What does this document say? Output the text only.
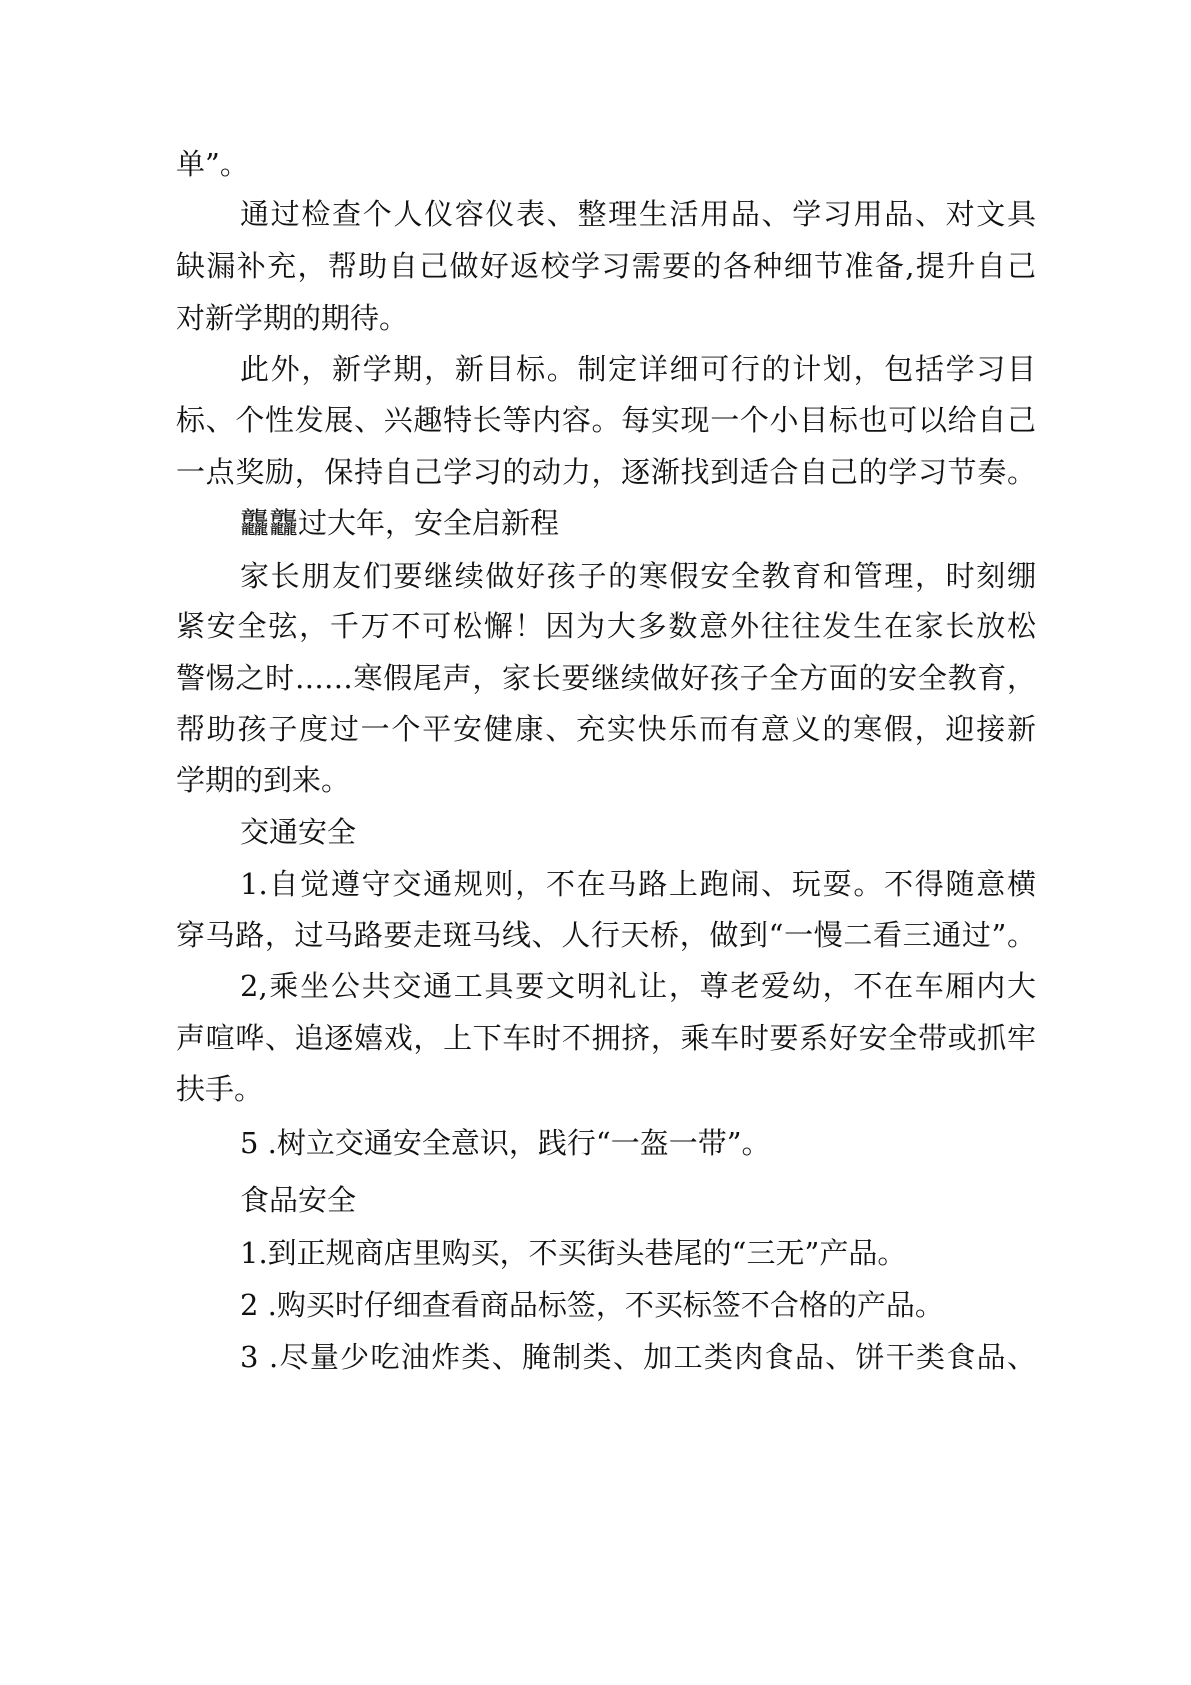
单”。
通过检查个人仪容仪表、整理生活用品、学习用品、对文具
缺漏补充，帮助自己做好返校学习需要的各种细节准备,提升自己
对新学期的期待。
此外，新学期，新目标。制定详细可行的计划，包括学习目
标、个性发展、兴趣特长等内容。每实现一个小目标也可以给自己
一点奖励，保持自己学习的动力，逐渐找到适合自己的学习节奏。
龘龘过大年，安全启新程
家长朋友们要继续做好孩子的寒假安全教育和管理，时刻绷
紧安全弦，千万不可松懈！因为大多数意外往往发生在家长放松
警惕之时……寒假尾声，家长要继续做好孩子全方面的安全教育，
帮助孩子度过一个平安健康、充实快乐而有意义的寒假，迎接新
学期的到来。
交通安全
1.自觉遵守交通规则，不在马路上跑闹、玩耍。不得随意横
穿马路，过马路要走斑马线、人行天桥，做到“一慢二看三通过”。
2,乘坐公共交通工具要文明礼让，尊老爱幼，不在车厢内大
声喧哗、追逐嬉戏，上下车时不拥挤，乘车时要系好安全带或抓牢
扶手。
5 .树立交通安全意识，践行“一盔一带”。
食品安全
1.到正规商店里购买，不买街头巷尾的“三无”产品。
2 .购买时仔细查看商品标签，不买标签不合格的产品。
3 .尽量少吃油炸类、腌制类、加工类肉食品、饼干类食品、
